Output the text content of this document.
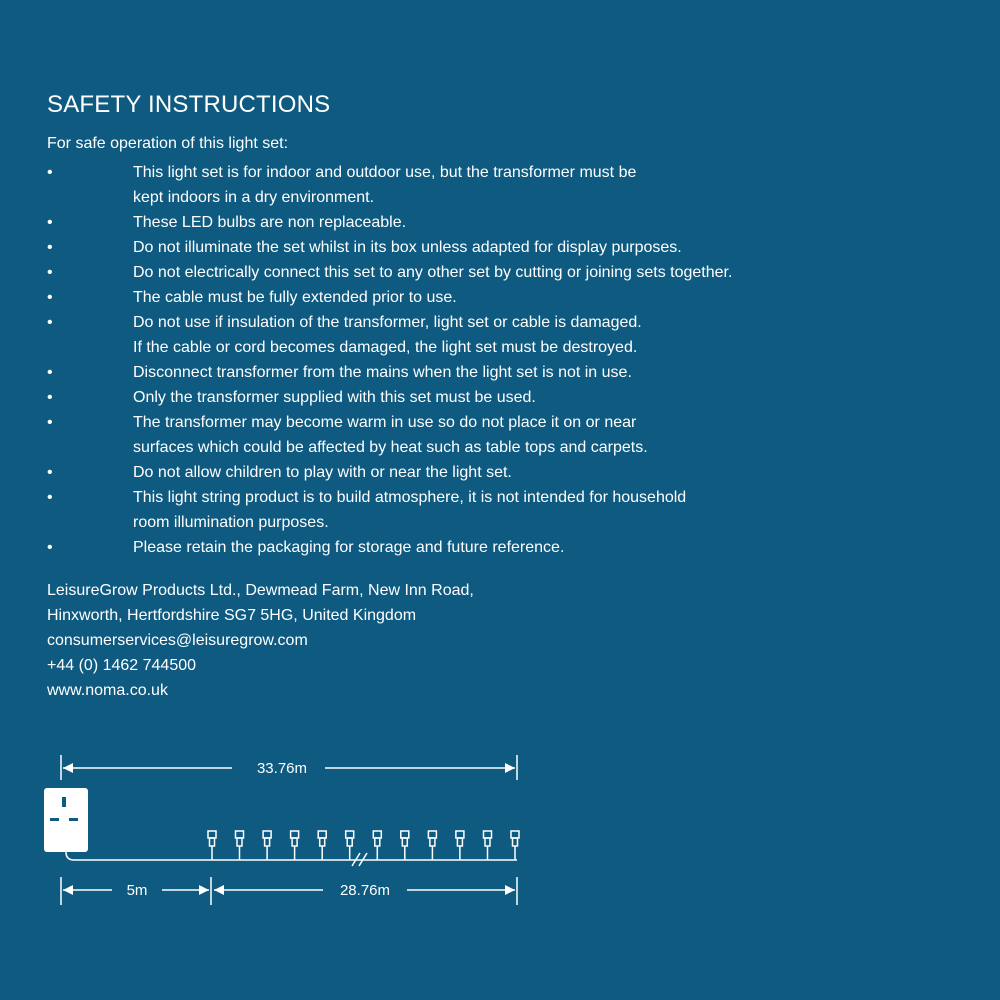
SAFETY INSTRUCTIONS

For safe operation of this light set:

•	This light set is for indoor and outdoor use, but the transformer must be
kept indoors in a dry environment.
•	These LED bulbs are non replaceable.
•	Do not illuminate the set whilst in its box unless adapted for display purposes.
•	Do not electrically connect this set to any other set by cutting or joining sets together.
•	The cable must be fully extended prior to use.
•	Do not use if insulation of the transformer, light set or cable is damaged.
If the cable or cord becomes damaged, the light set must be destroyed.
•	Disconnect transformer from the mains when the light set is not in use.
•	Only the transformer supplied with this set must be used.
•	The transformer may become warm in use so do not place it on or near
surfaces which could be affected by heat such as table tops and carpets.
•	Do not allow children to play with or near the light set.
•	This light string product is to build atmosphere, it is not intended for household
room illumination purposes.
•	Please retain the packaging for storage and future reference.
LeisureGrow Products Ltd., Dewmead Farm, New Inn Road,
Hinxworth, Hertfordshire SG7 5HG, United Kingdom
consumerservices@leisuregrow.com
+44 (0) 1462 744500
www.noma.co.uk
33.76m
5m	28.76m
